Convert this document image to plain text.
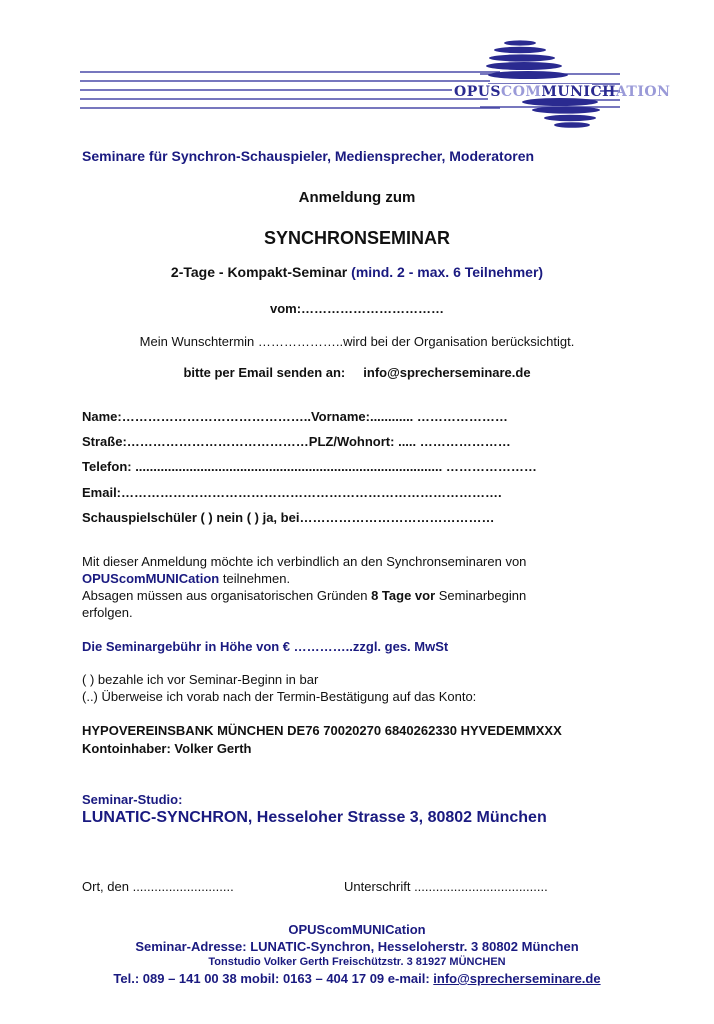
OPUSCOMMUNICHATION
Seminare für Synchron-Schauspieler, Mediensprecher, Moderatoren
Anmeldung zum
SYNCHRONSEMINAR
2-Tage - Kompakt-Seminar (mind. 2 - max. 6 Teilnehmer)
vom:……………………………
Mein Wunschtermin ………………..wird bei der Organisation berücksichtigt.
bitte per Email senden an: info@sprecherseminare.de
Name:……………………………………..Vorname:............ …………………
Straße:……………………………………PLZ/Wohnort: ..... …………………
Telefon: ..................................................................................... …………………
Email:…………………………………………………………………………….
Schauspielschüler ( ) nein ( ) ja, bei………………………………………
Mit dieser Anmeldung möchte ich verbindlich an den Synchronseminaren von
OPUScomMUNICation teilnehmen.
Absagen müssen aus organisatorischen Gründen 8 Tage vor Seminarbeginn
erfolgen.
Die Seminargebühr in Höhe von € …………..zzgl. ges. MwSt
( ) bezahle ich vor Seminar-Beginn in bar
(..) Überweise ich vorab nach der Termin-Bestätigung auf das Konto:
HYPOVEREINSBANK MÜNCHEN DE76 70020270 6840262330 HYVEDEMMXXX
Kontoinhaber: Volker Gerth
Seminar-Studio:
LUNATIC-SYNCHRON, Hesseloher Strasse 3, 80802 München
Ort, den ............................	Unterschrift .....................................
OPUScomMUNICation
Seminar-Adresse: LUNATIC-Synchron, Hesseloherstr. 3 80802 München
Tonstudio Volker Gerth Freischützstr. 3 81927 MÜNCHEN
Tel.: 089 – 141 00 38 mobil: 0163 – 404 17 09 e-mail: info@sprecherseminare.de
